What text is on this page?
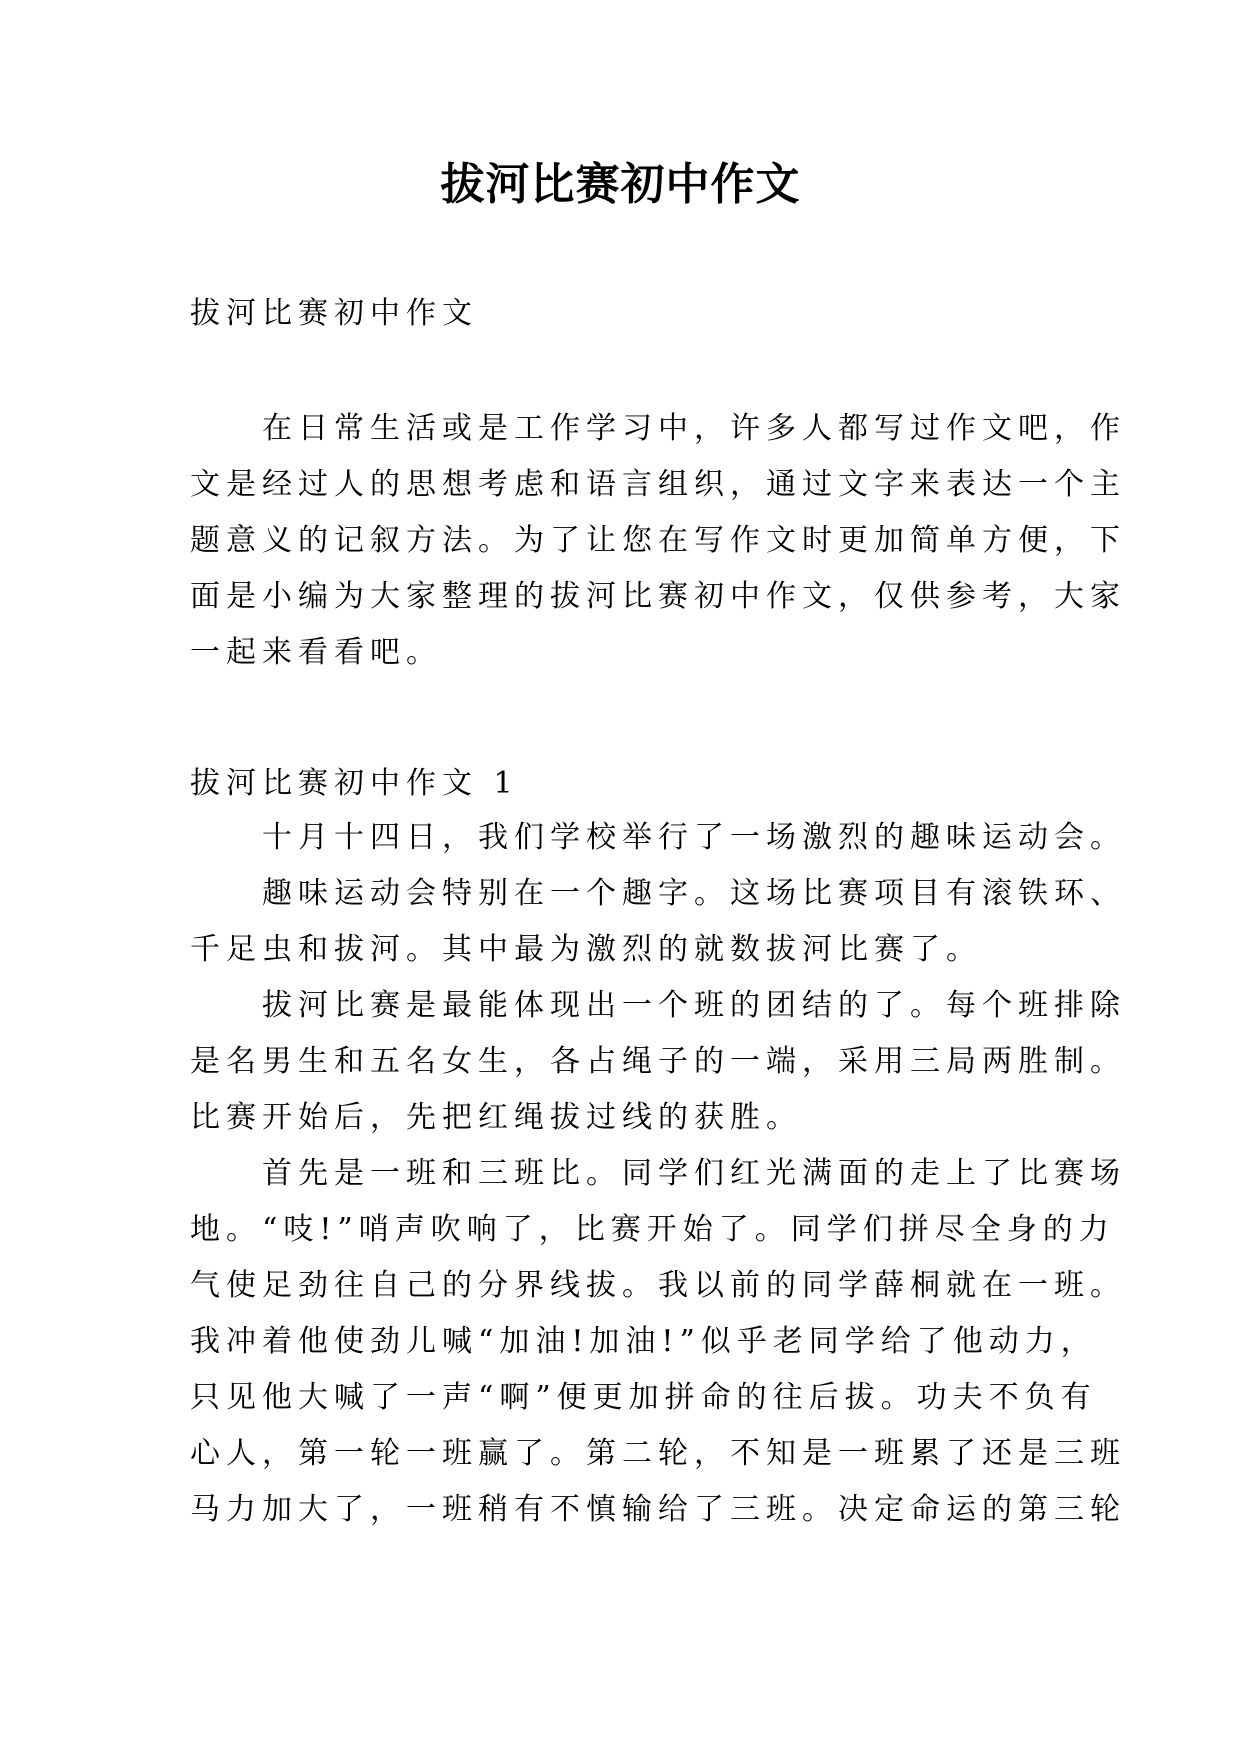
拔河比赛初中作文
拔河比赛初中作文
　　在日常生活或是工作学习中，许多人都写过作文吧，作
文是经过人的思想考虑和语言组织，通过文字来表达一个主
题意义的记叙方法。为了让您在写作文时更加简单方便，下
面是小编为大家整理的拔河比赛初中作文，仅供参考，大家
一起来看看吧。
拔河比赛初中作文 1
　　十月十四日，我们学校举行了一场激烈的趣味运动会。
　　趣味运动会特别在一个趣字。这场比赛项目有滚铁环、
千足虫和拔河。其中最为激烈的就数拔河比赛了。
　　拔河比赛是最能体现出一个班的团结的了。每个班排除
是名男生和五名女生，各占绳子的一端，采用三局两胜制。
比赛开始后，先把红绳拔过线的获胜。
　　首先是一班和三班比。同学们红光满面的走上了比赛场
地。“吱!”哨声吹响了，比赛开始了。同学们拼尽全身的力
气使足劲往自己的分界线拔。我以前的同学薛桐就在一班。
我冲着他使劲儿喊“加油!加油!”似乎老同学给了他动力，
只见他大喊了一声“啊”便更加拼命的往后拔。功夫不负有
心人，第一轮一班赢了。第二轮，不知是一班累了还是三班
马力加大了，一班稍有不慎输给了三班。决定命运的第三轮
